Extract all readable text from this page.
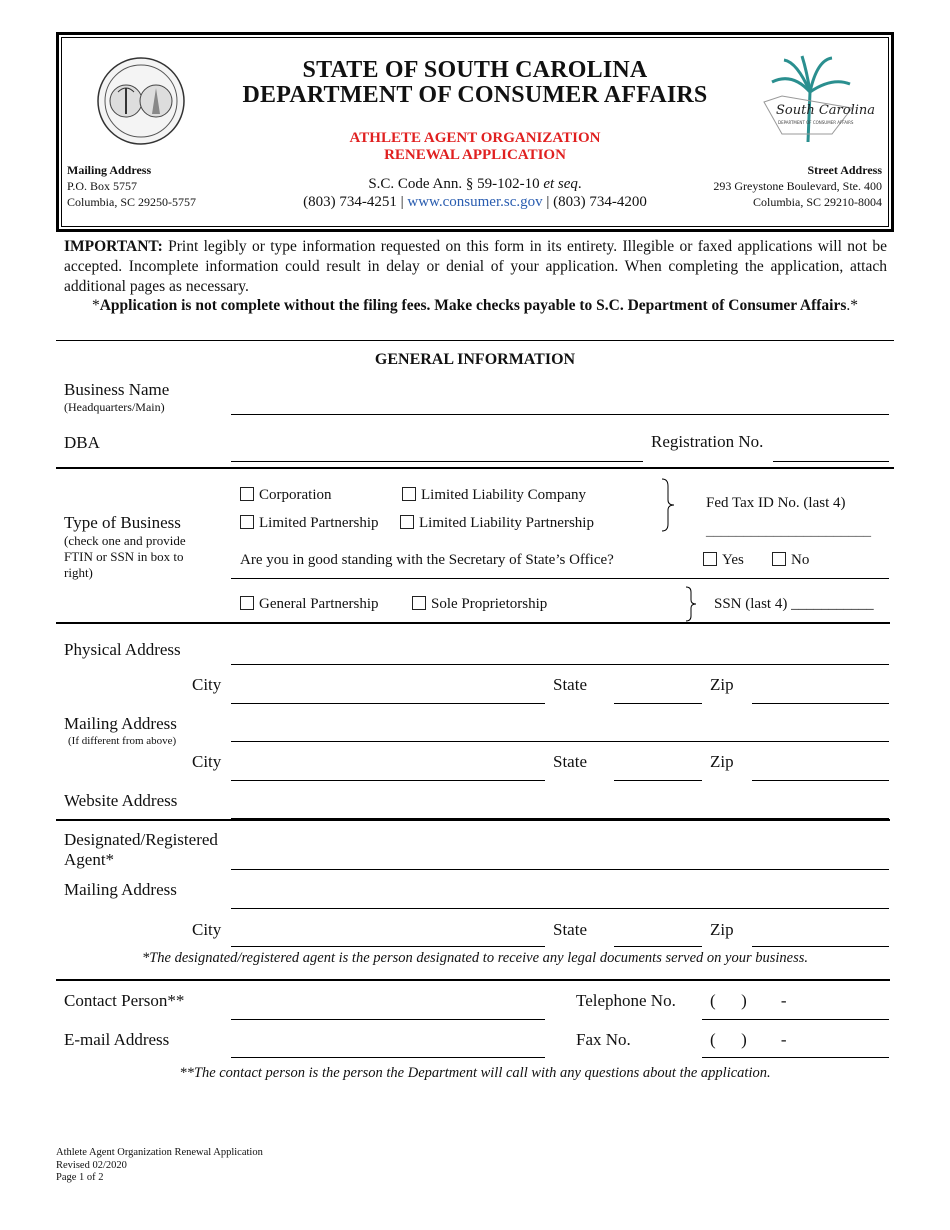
South Carolina
DEPARTMENT OF CONSUMER AFFAIRS
STATE OF SOUTH CAROLINA
DEPARTMENT OF CONSUMER AFFAIRS
ATHLETE AGENT ORGANIZATION
RENEWAL APPLICATION
S.C. Code Ann. § 59-102-10 et seq.
(803) 734-4251 | www.consumer.sc.gov | (803) 734-4200
Mailing Address
P.O. Box 5757
Columbia, SC 29250-5757
Street Address
293 Greystone Boulevard, Ste. 400
Columbia, SC 29210-8004
IMPORTANT: Print legibly or type information requested on this form in its entirety. Illegible or faxed applications will not be accepted. Incomplete information could result in delay or denial of your application. When completing the application, attach additional pages as necessary.
*Application is not complete without the filing fees. Make checks payable to S.C. Department of Consumer Affairs.*
GENERAL INFORMATION
Business Name
(Headquarters/Main)
DBA	Registration No.
Type of Business
(check one and provide
FTIN or SSN in box to
right)
Corporation	Limited Liability Company
Limited Partnership	Limited Liability Partnership
Fed Tax ID No. (last 4)
______________________
Are you in good standing with the Secretary of State’s Office?	Yes	No
General Partnership	Sole Proprietorship	SSN (last 4) ___________
Physical Address
City	State	Zip
Mailing Address
(If different from above)
City	State	Zip
Website Address
Designated/Registered
Agent*
Mailing Address
City	State	Zip
*The designated/registered agent is the person designated to receive any legal documents served on your business.
Contact Person**	Telephone No. (      )        -
E-mail Address	Fax No.	(      )        -
**The contact person is the person the Department will call with any questions about the application.
Athlete Agent Organization Renewal Application
Revised 02/2020
Page 1 of 2
